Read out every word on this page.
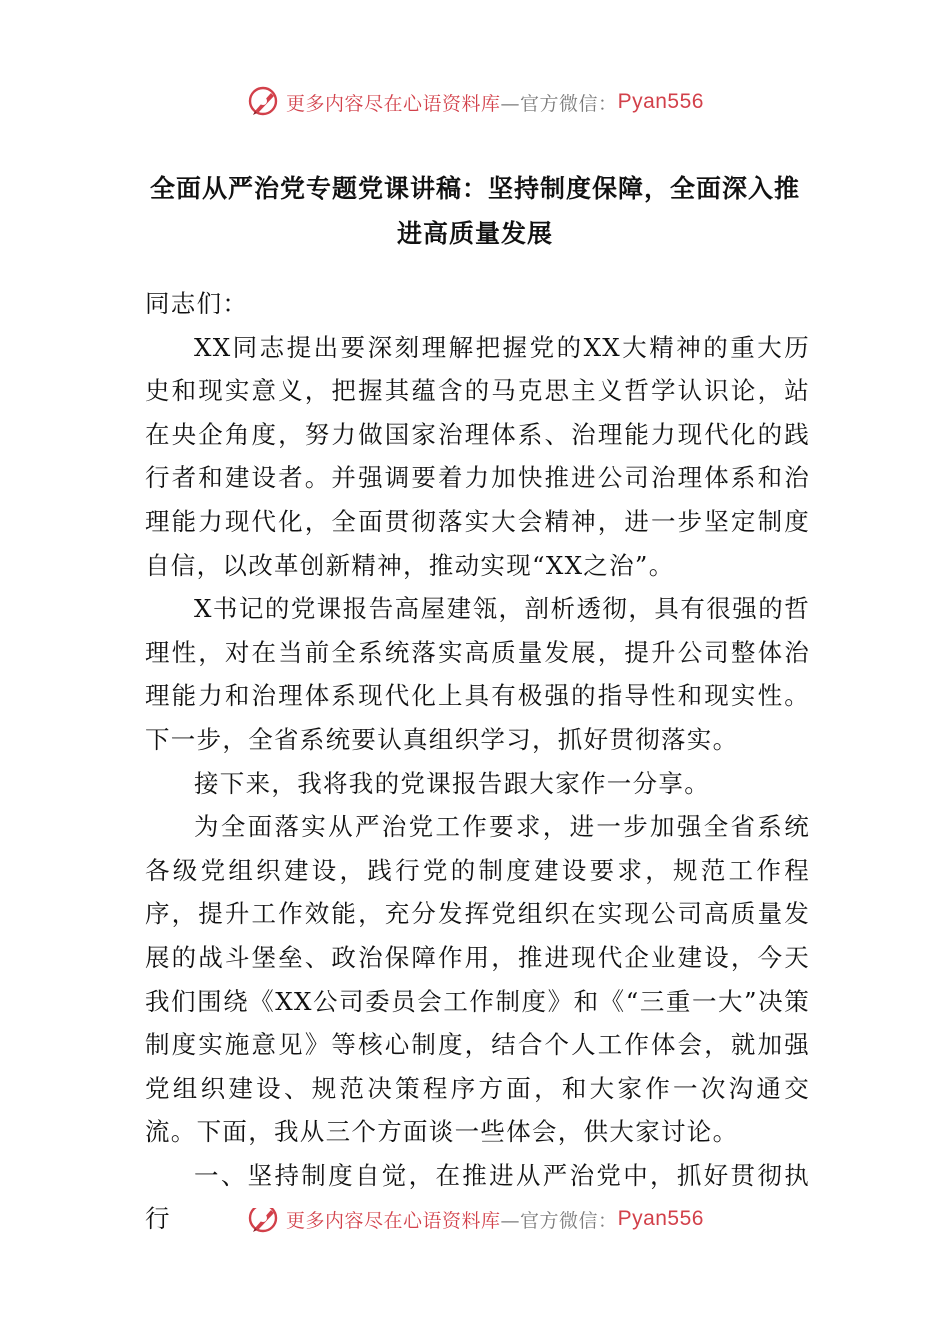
更多内容尽在心语资料库 —官方微信： Pyan556
全面从严治党专题党课讲稿：坚持制度保障，全面深入推
进高质量发展

同志们：

XX同志提出要深刻理解把握党的XX大精神的重大历史和现实意义，把握其蕴含的马克思主义哲学认识论，站在央企角度，努力做国家治理体系、治理能力现代化的践行者和建设者。并强调要着力加快推进公司治理体系和治理能力现代化，全面贯彻落实大会精神，进一步坚定制度自信，以改革创新精神，推动实现“XX之治”。

X书记的党课报告高屋建瓴，剖析透彻，具有很强的哲理性，对在当前全系统落实高质量发展，提升公司整体治理能力和治理体系现代化上具有极强的指导性和现实性。下一步，全省系统要认真组织学习，抓好贯彻落实。

接下来，我将我的党课报告跟大家作一分享。

为全面落实从严治党工作要求，进一步加强全省系统各级党组织建设，践行党的制度建设要求，规范工作程序，提升工作效能，充分发挥党组织在实现公司高质量发展的战斗堡垒、政治保障作用，推进现代企业建设，今天我们围绕《XX公司委员会工作制度》和《“三重一大”决策制度实施意见》等核心制度，结合个人工作体会，就加强党组织建设、规范决策程序方面，和大家作一次沟通交流。下面，我从三个方面谈一些体会，供大家讨论。

一、坚持制度自觉，在推进从严治党中，抓好贯彻执行	更多内容尽在心语资料库 —官方微信： Pyan556
